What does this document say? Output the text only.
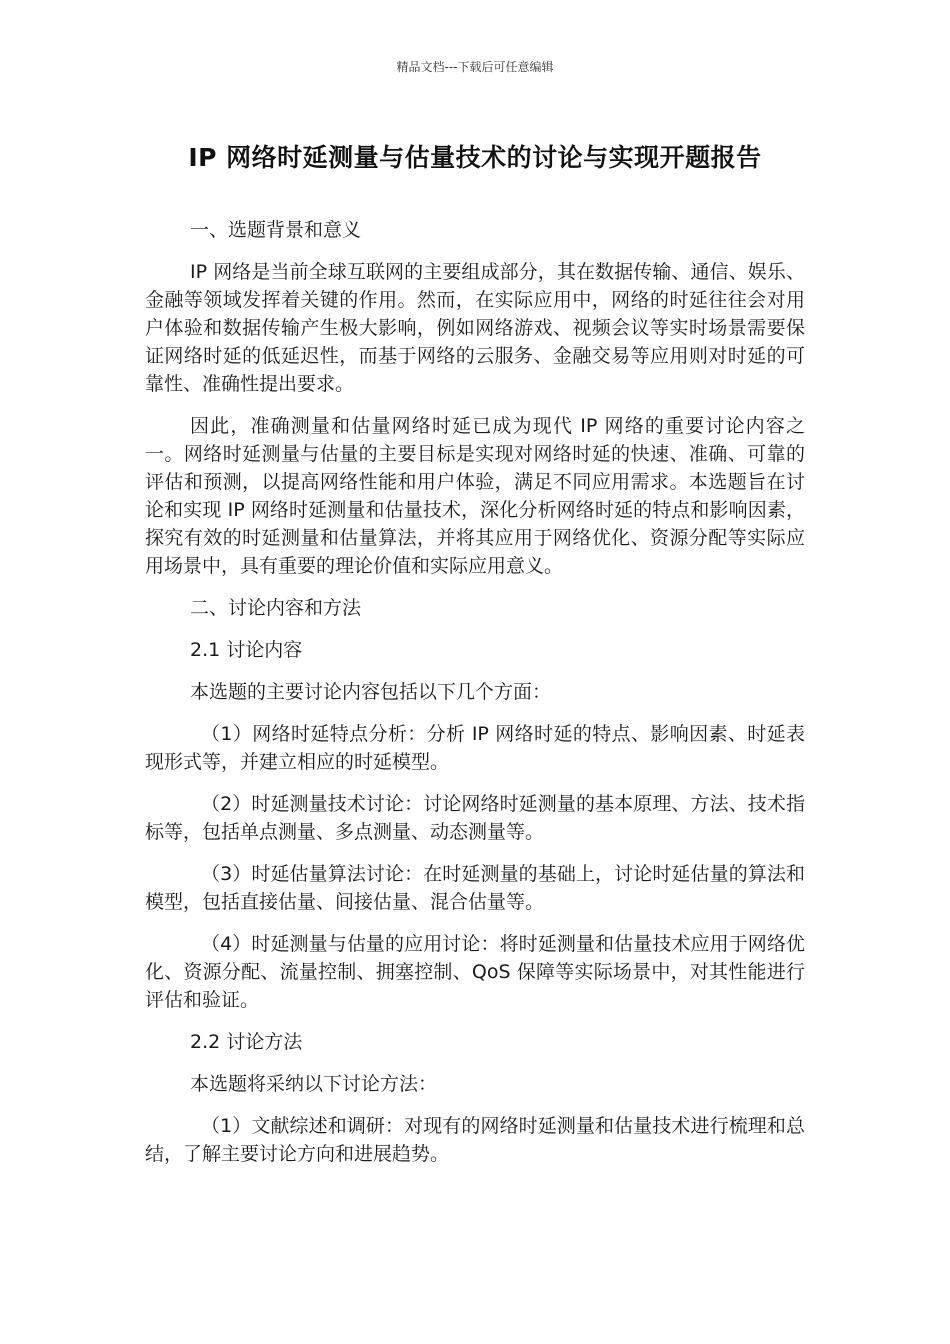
精品文档---下载后可任意编辑
IP 网络时延测量与估量技术的讨论与实现开题报告

一、选题背景和意义

IP 网络是当前全球互联网的主要组成部分，其在数据传输、通信、娱乐、金融等领域发挥着关键的作用。然而，在实际应用中，网络的时延往往会对用户体验和数据传输产生极大影响，例如网络游戏、视频会议等实时场景需要保证网络时延的低延迟性，而基于网络的云服务、金融交易等应用则对时延的可靠性、准确性提出要求。

因此，准确测量和估量网络时延已成为现代 IP 网络的重要讨论内容之一。网络时延测量与估量的主要目标是实现对网络时延的快速、准确、可靠的评估和预测，以提高网络性能和用户体验，满足不同应用需求。本选题旨在讨论和实现 IP 网络时延测量和估量技术，深化分析网络时延的特点和影响因素，探究有效的时延测量和估量算法，并将其应用于网络优化、资源分配等实际应用场景中，具有重要的理论价值和实际应用意义。

二、讨论内容和方法

2.1 讨论内容

本选题的主要讨论内容包括以下几个方面：

（1）网络时延特点分析：分析 IP 网络时延的特点、影响因素、时延表现形式等，并建立相应的时延模型。

（2）时延测量技术讨论：讨论网络时延测量的基本原理、方法、技术指标等，包括单点测量、多点测量、动态测量等。

（3）时延估量算法讨论：在时延测量的基础上，讨论时延估量的算法和模型，包括直接估量、间接估量、混合估量等。

（4）时延测量与估量的应用讨论：将时延测量和估量技术应用于网络优化、资源分配、流量控制、拥塞控制、QoS 保障等实际场景中，对其性能进行评估和验证。

2.2 讨论方法

本选题将采纳以下讨论方法：

（1）文献综述和调研：对现有的网络时延测量和估量技术进行梳理和总结，了解主要讨论方向和进展趋势。
